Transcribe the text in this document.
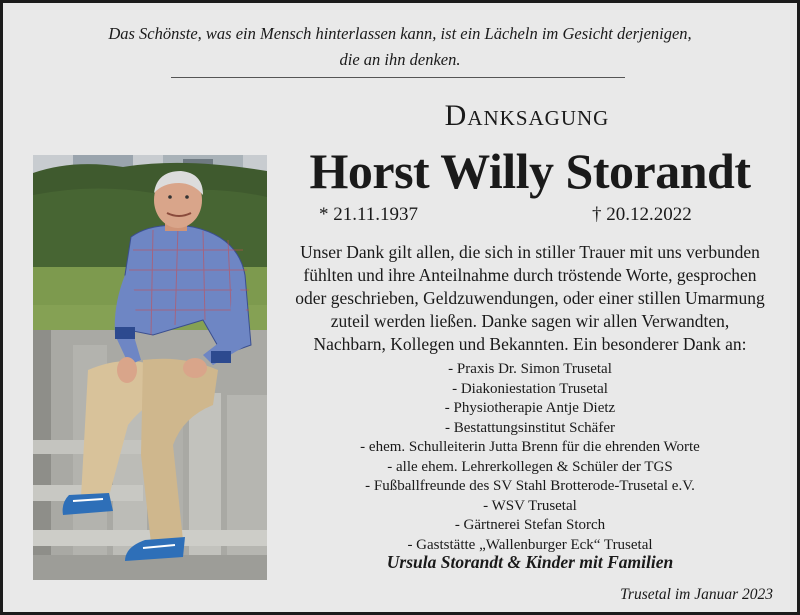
Das Schönste, was ein Mensch hinterlassen kann, ist ein Lächeln im Gesicht derjenigen,
die an ihn denken.
Danksagung
Horst Willy Storandt
* 21.11.1937	† 20.12.2022
Unser Dank gilt allen, die sich in stiller Trauer mit uns verbunden
fühlten und ihre Anteilnahme durch tröstende Worte, gesprochen
oder geschrieben, Geldzuwendungen, oder einer stillen Umarmung
zuteil werden ließen. Danke sagen wir allen Verwandten,
Nachbarn, Kollegen und Bekannten. Ein besonderer Dank an:
- Praxis Dr. Simon Trusetal
- Diakoniestation Trusetal
- Physiotherapie Antje Dietz
- Bestattungsinstitut Schäfer
- ehem. Schulleiterin Jutta Brenn für die ehrenden Worte
- alle ehem. Lehrerkollegen & Schüler der TGS
- Fußballfreunde des SV Stahl Brotterode-Trusetal e.V.
- WSV Trusetal
- Gärtnerei Stefan Storch
- Gaststätte „Wallenburger Eck“ Trusetal
Ursula Storandt & Kinder mit Familien
Trusetal im Januar 2023
